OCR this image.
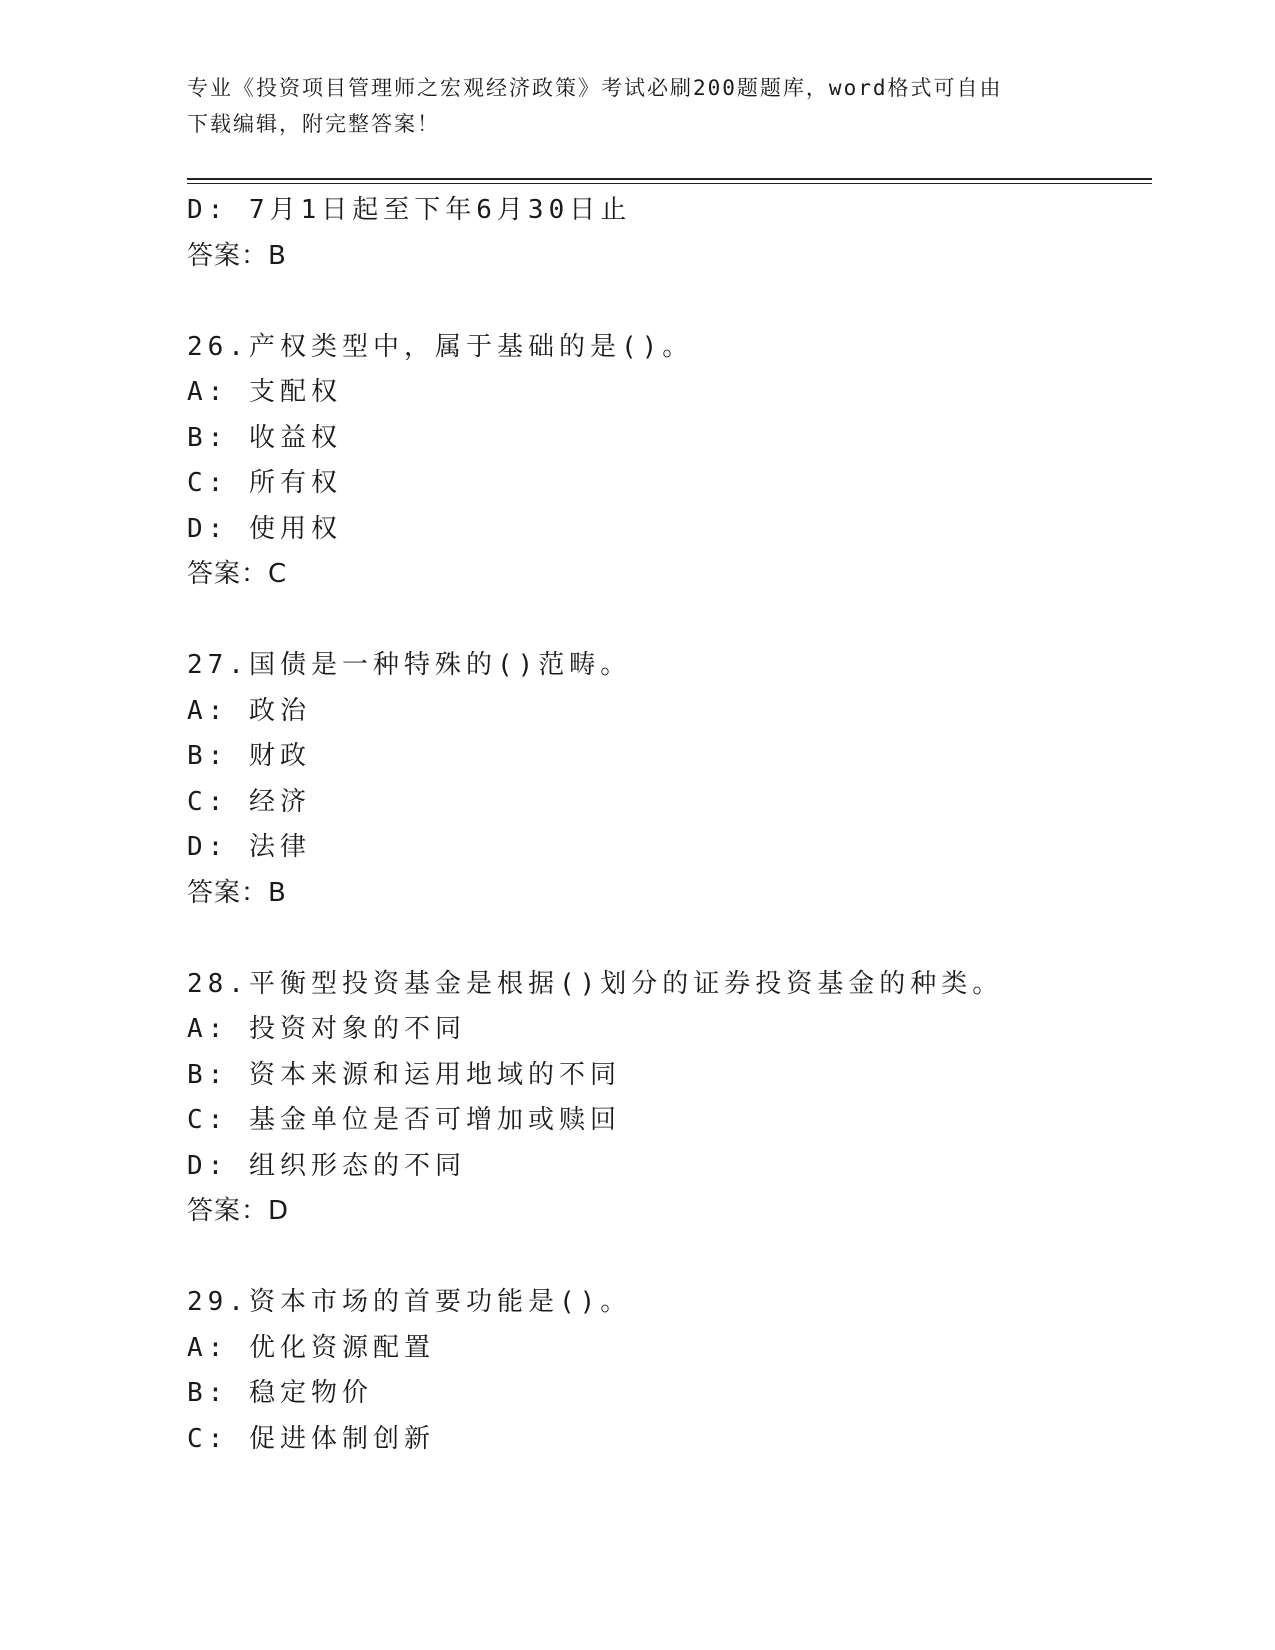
专业《投资项目管理师之宏观经济政策》考试必刷200题题库，word格式可自由
下载编辑，附完整答案！
D: 7月1日起至下年6月30日止
答案：B
26.产权类型中，属于基础的是()。
A: 支配权
B: 收益权
C: 所有权
D: 使用权
答案：C
27.国债是一种特殊的()范畴。
A: 政治
B: 财政
C: 经济
D: 法律
答案：B
28.平衡型投资基金是根据()划分的证券投资基金的种类。
A: 投资对象的不同
B: 资本来源和运用地域的不同
C: 基金单位是否可增加或赎回
D: 组织形态的不同
答案：D
29.资本市场的首要功能是()。
A: 优化资源配置
B: 稳定物价
C: 促进体制创新
